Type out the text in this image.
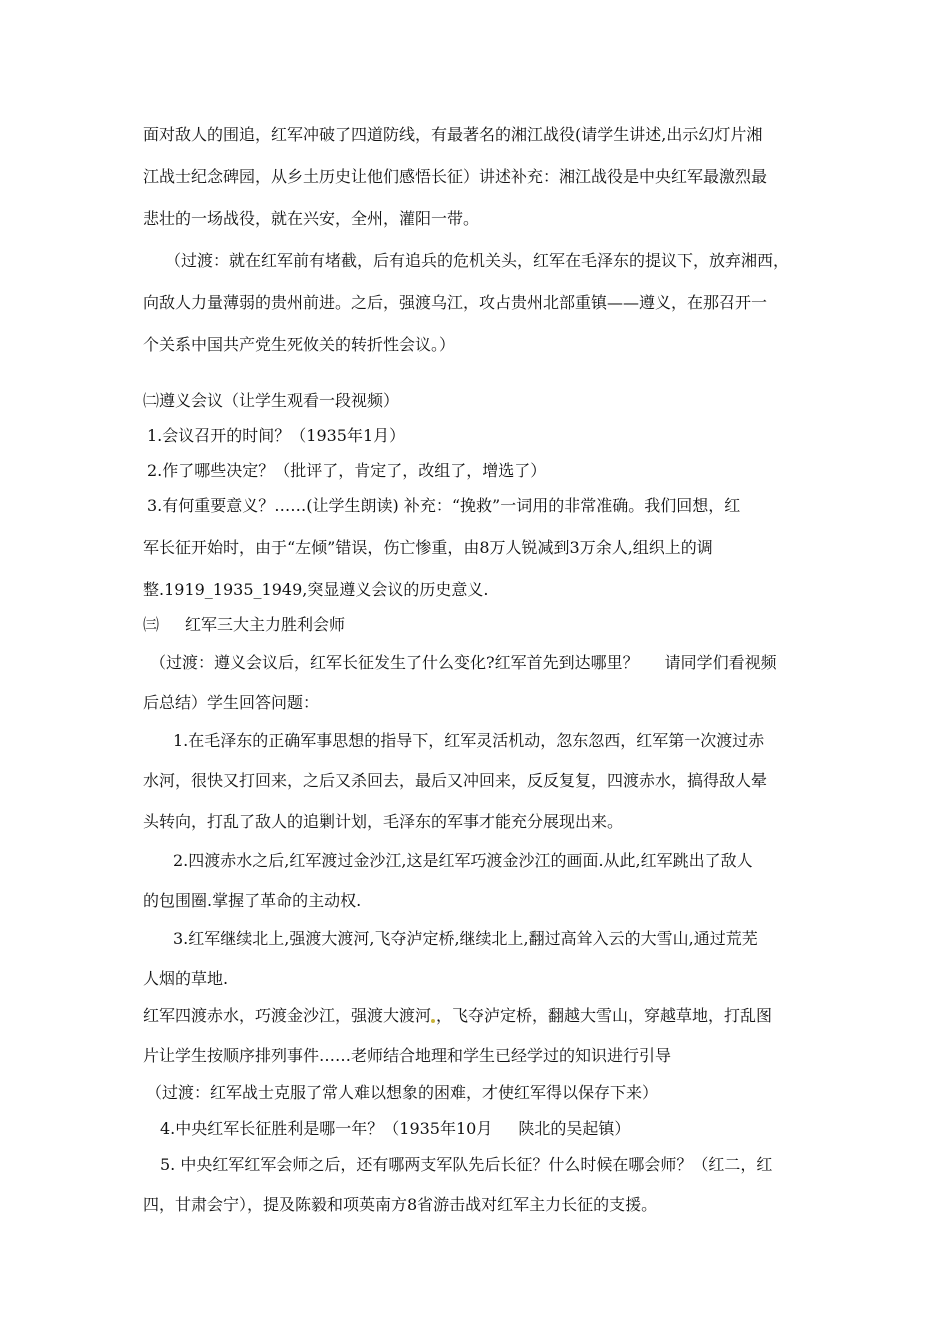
面对敌人的围追，红军冲破了四道防线，有最著名的湘江战役(请学生讲述,出示幻灯片湘
江战士纪念碑园，从乡土历史让他们感悟长征）讲述补充：湘江战役是中央红军最激烈最
悲壮的一场战役，就在兴安，全州，灌阳一带。
（过渡：就在红军前有堵截，后有追兵的危机关头，红军在毛泽东的提议下，放弃湘西，
向敌人力量薄弱的贵州前进。之后，强渡乌江，攻占贵州北部重镇——遵义，在那召开一
个关系中国共产党生死攸关的转折性会议。）
㈡遵义会议（让学生观看一段视频）
1.会议召开的时间？（1935年1月）
2.作了哪些决定？（批评了，肯定了，改组了，增选了）
3.有何重要意义？……(让学生朗读) 补充：“挽救”一词用的非常准确。我们回想，红
军长征开始时，由于“左倾”错误，伤亡惨重，由8万人锐减到3万余人,组织上的调
整.1919_1935_1949,突显遵义会议的历史意义.
㈢ 红军三大主力胜利会师
（过渡：遵义会议后，红军长征发生了什么变化?红军首先到达哪里？ 请同学们看视频
后总结）学生回答问题：
1.在毛泽东的正确军事思想的指导下，红军灵活机动，忽东忽西，红军第一次渡过赤
水河，很快又打回来，之后又杀回去，最后又冲回来，反反复复，四渡赤水，搞得敌人晕
头转向，打乱了敌人的追剿计划，毛泽东的军事才能充分展现出来。
2.四渡赤水之后,红军渡过金沙江,这是红军巧渡金沙江的画面.从此,红军跳出了敌人
的包围圈.掌握了革命的主动权.
3.红军继续北上,强渡大渡河,飞夺泸定桥,继续北上,翻过高耸入云的大雪山,通过荒芜
人烟的草地.
红军四渡赤水，巧渡金沙江，强渡大渡河 ，飞夺泸定桥，翻越大雪山，穿越草地，打乱图
片让学生按顺序排列事件……老师结合地理和学生已经学过的知识进行引导
（过渡：红军战士克服了常人难以想象的困难，才使红军得以保存下来）
4.中央红军长征胜利是哪一年？（1935年10月 陕北的吴起镇）
5. 中央红军红军会师之后，还有哪两支军队先后长征？什么时候在哪会师？（红二，红
四，甘肃会宁），提及陈毅和项英南方8省游击战对红军主力长征的支援。
